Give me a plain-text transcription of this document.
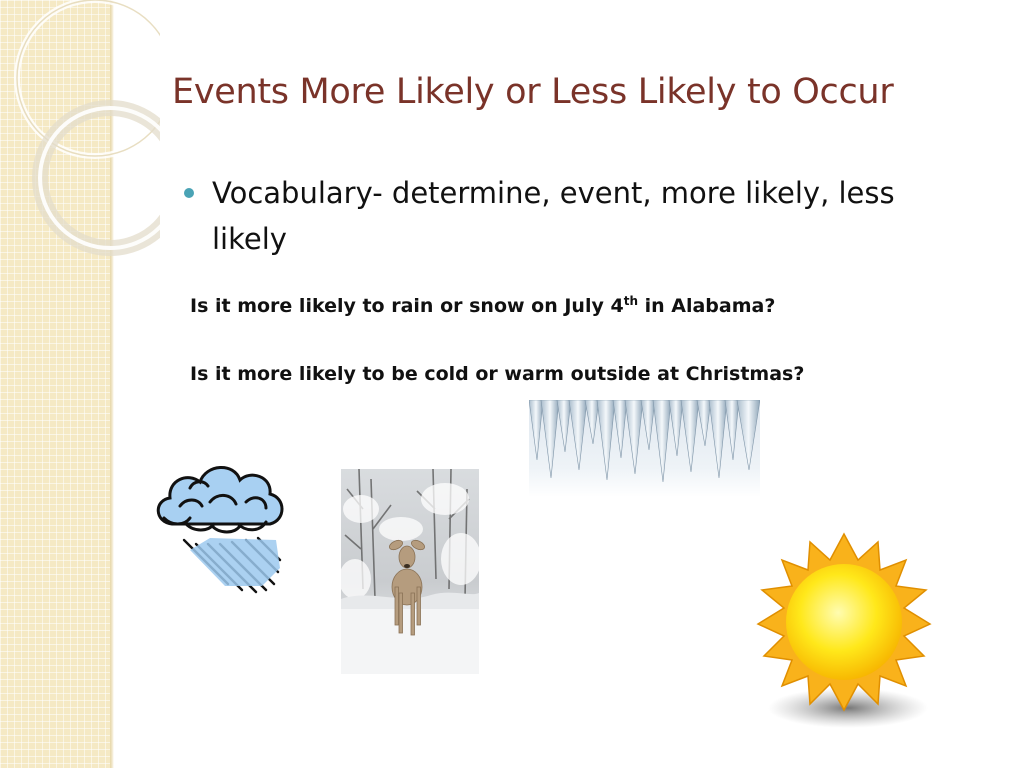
Events More Likely or Less Likely to Occur
Vocabulary- determine, event, more likely, less likely
Is it more likely to rain or snow on July 4th in Alabama?
Is it more likely to be cold or warm outside at Christmas?
